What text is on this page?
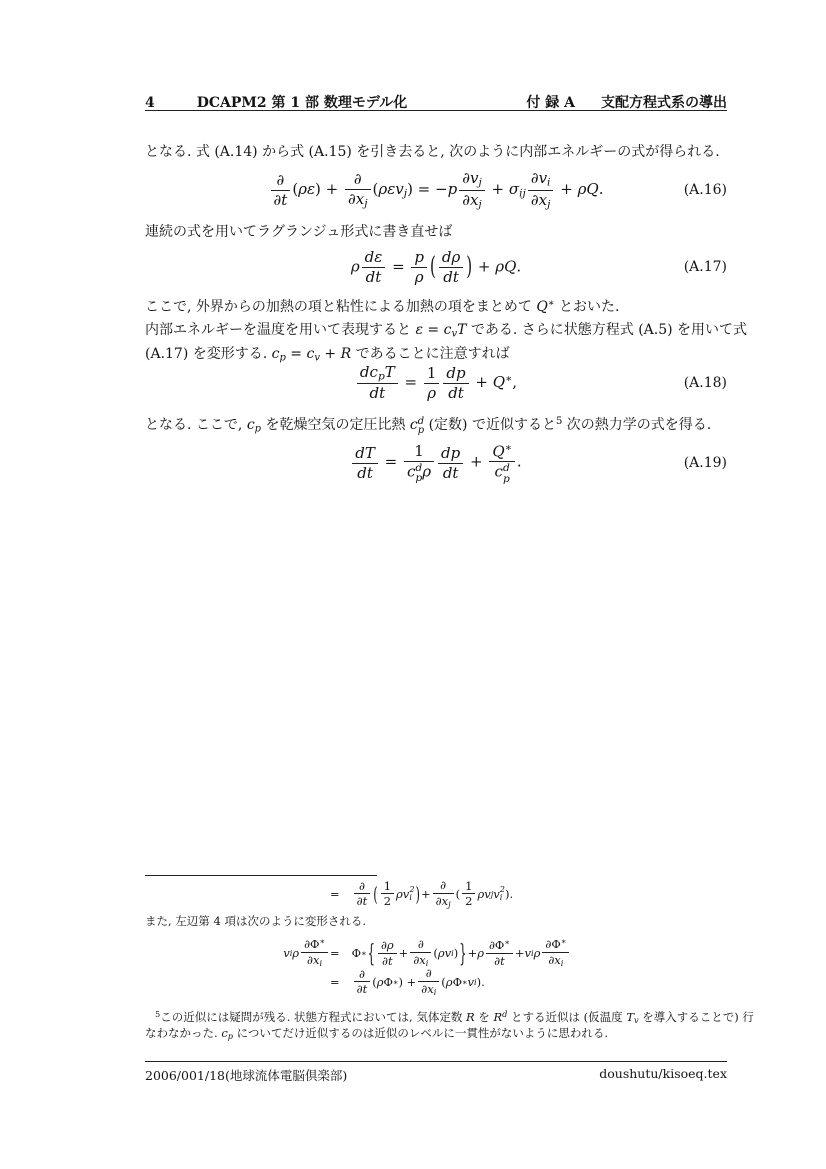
4	DCAPM2 第 1 部 数理モデル化	付 録 A 支配方程式系の導出
となる. 式 (A.14) から式 (A.15) を引き去ると, 次のように内部エネルギーの式が得られる.
$\frac{\partial}{\partial t} (\rho\varepsilon) + \frac{\partial}{\partial x_j} (\rho\varepsilon v_j) = -p \frac{\partial v_j}{\partial x_j} + \sigma_{ij} \frac{\partial v_i}{\partial x_j} + \rho Q$.	(A.16)
連続の式を用いてラグランジュ形式に書き直せば
ρ $\frac{d\varepsilon}{dt} = \frac{p}{\rho}$ ( $\frac{d\rho}{dt}$ ) + ρQ.	(A.17)
ここで, 外界からの加熱の項と粘性による加熱の項をまとめて Q∗ とおいた.
内部エネルギーを温度を用いて表現すると $\varepsilon = c_vT$ である. さらに状態方程式 (A.5) を用いて式
(A.17) を変形する. $c_p = c_v + R$ であることに注意すれば
$\frac{dc_pT}{dt} = \frac{1}{\rho} \frac{dp}{dt} + Q^∗$,	(A.18)
となる. ここで, $c_p$ を乾燥空気の定圧比熱 c d
p (定数) で近似すると$^5$ 次の熱力学の式を得る.
$\frac{dT}{dt} = 1$
c d
p ρ $\frac{dp}{dt} + Q^∗$
c d
p .	(A.19)
= $\frac{\partial}{\partial t}$ ( $\frac{1}{2}$ ρv 2
i ) + $\frac{\partial}{\partial x_j}$ ( $\frac{1}{2}$ ρv j v 2
i ).
また, 左辺第 4 項は次のように変形される.
v i ρ $\frac{\partial\Phi^∗}{\partial x_i} = \Phi$ ∗ { $\frac{\partial\rho}{\partial t} + \frac{\partial}{\partial x_i}$ ( ρv i ) } + ρ $\frac{\partial\Phi^∗}{\partial t} + v$ i ρ $\frac{\partial\Phi^∗}{\partial x_i}$
= $\frac{\partial}{\partial t}$ ( ρ Φ ∗ ) + $\frac{\partial}{\partial x_i}$ ( ρ Φ ∗ v i ).
$^5$この近似には疑問が残る. 状態方程式においては, 気体定数 R を $R^d$ とする近似は (仮温度 $T_v$ を導入することで) 行
なわなかった. $c_p$ についてだけ近似するのは近似のレベルに一貫性がないように思われる.
2006/001/18(地球流体電脳倶楽部)	doushutu/kisoeq.tex
